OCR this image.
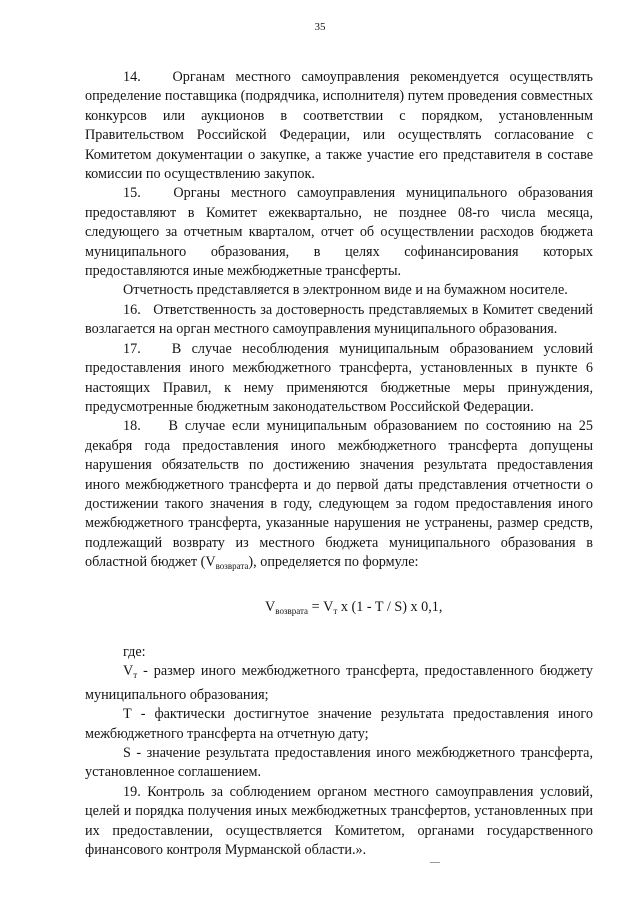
35

14.   Органам местного самоуправления рекомендуется осуществлять определение поставщика (подрядчика, исполнителя) путем проведения совместных конкурсов или аукционов в соответствии с порядком, установленным Правительством Российской Федерации, или осуществлять согласование с Комитетом документации о закупке, а также участие его представителя в составе комиссии по осуществлению закупок.

15.   Органы местного самоуправления муниципального образования предоставляют в Комитет ежеквартально, не позднее 08-го числа месяца, следующего за отчетным кварталом, отчет об осуществлении расходов бюджета муниципального образования, в целях софинансирования которых предоставляются иные межбюджетные трансферты.

Отчетность представляется в электронном виде и на бумажном носителе.

16.   Ответственность за достоверность представляемых в Комитет сведений возлагается на орган местного самоуправления муниципального образования.

17.   В случае несоблюдения муниципальным образованием условий предоставления иного межбюджетного трансферта, установленных в пункте 6 настоящих Правил, к нему применяются бюджетные меры принуждения, предусмотренные бюджетным законодательством Российской Федерации.

18.    В случае если муниципальным образованием по состоянию на 25 декабря года предоставления иного межбюджетного трансферта допущены нарушения обязательств по достижению значения результата предоставления иного межбюджетного трансферта и до первой даты представления отчетности о достижении такого значения в году, следующем за годом предоставления иного межбюджетного трансферта, указанные нарушения не устранены, размер средств, подлежащий возврату из местного бюджета муниципального образования в областной бюджет $(V_{возврата})$, определяется по формуле:

$V_{возврата} = V_т$ x (1 - T / S) x 0,1,

где:

$V_т$ - размер иного межбюджетного трансферта, предоставленного бюджету муниципального образования;

Т - фактически достигнутое значение результата предоставления иного межбюджетного трансферта на отчетную дату;

S - значение результата предоставления иного межбюджетного трансферта, установленное соглашением.

19. Контроль за соблюдением органом местного самоуправления условий, целей и порядка получения иных межбюджетных трансфертов, установленных при их предоставлении, осуществляется Комитетом, органами государственного финансового контроля Мурманской области.».
